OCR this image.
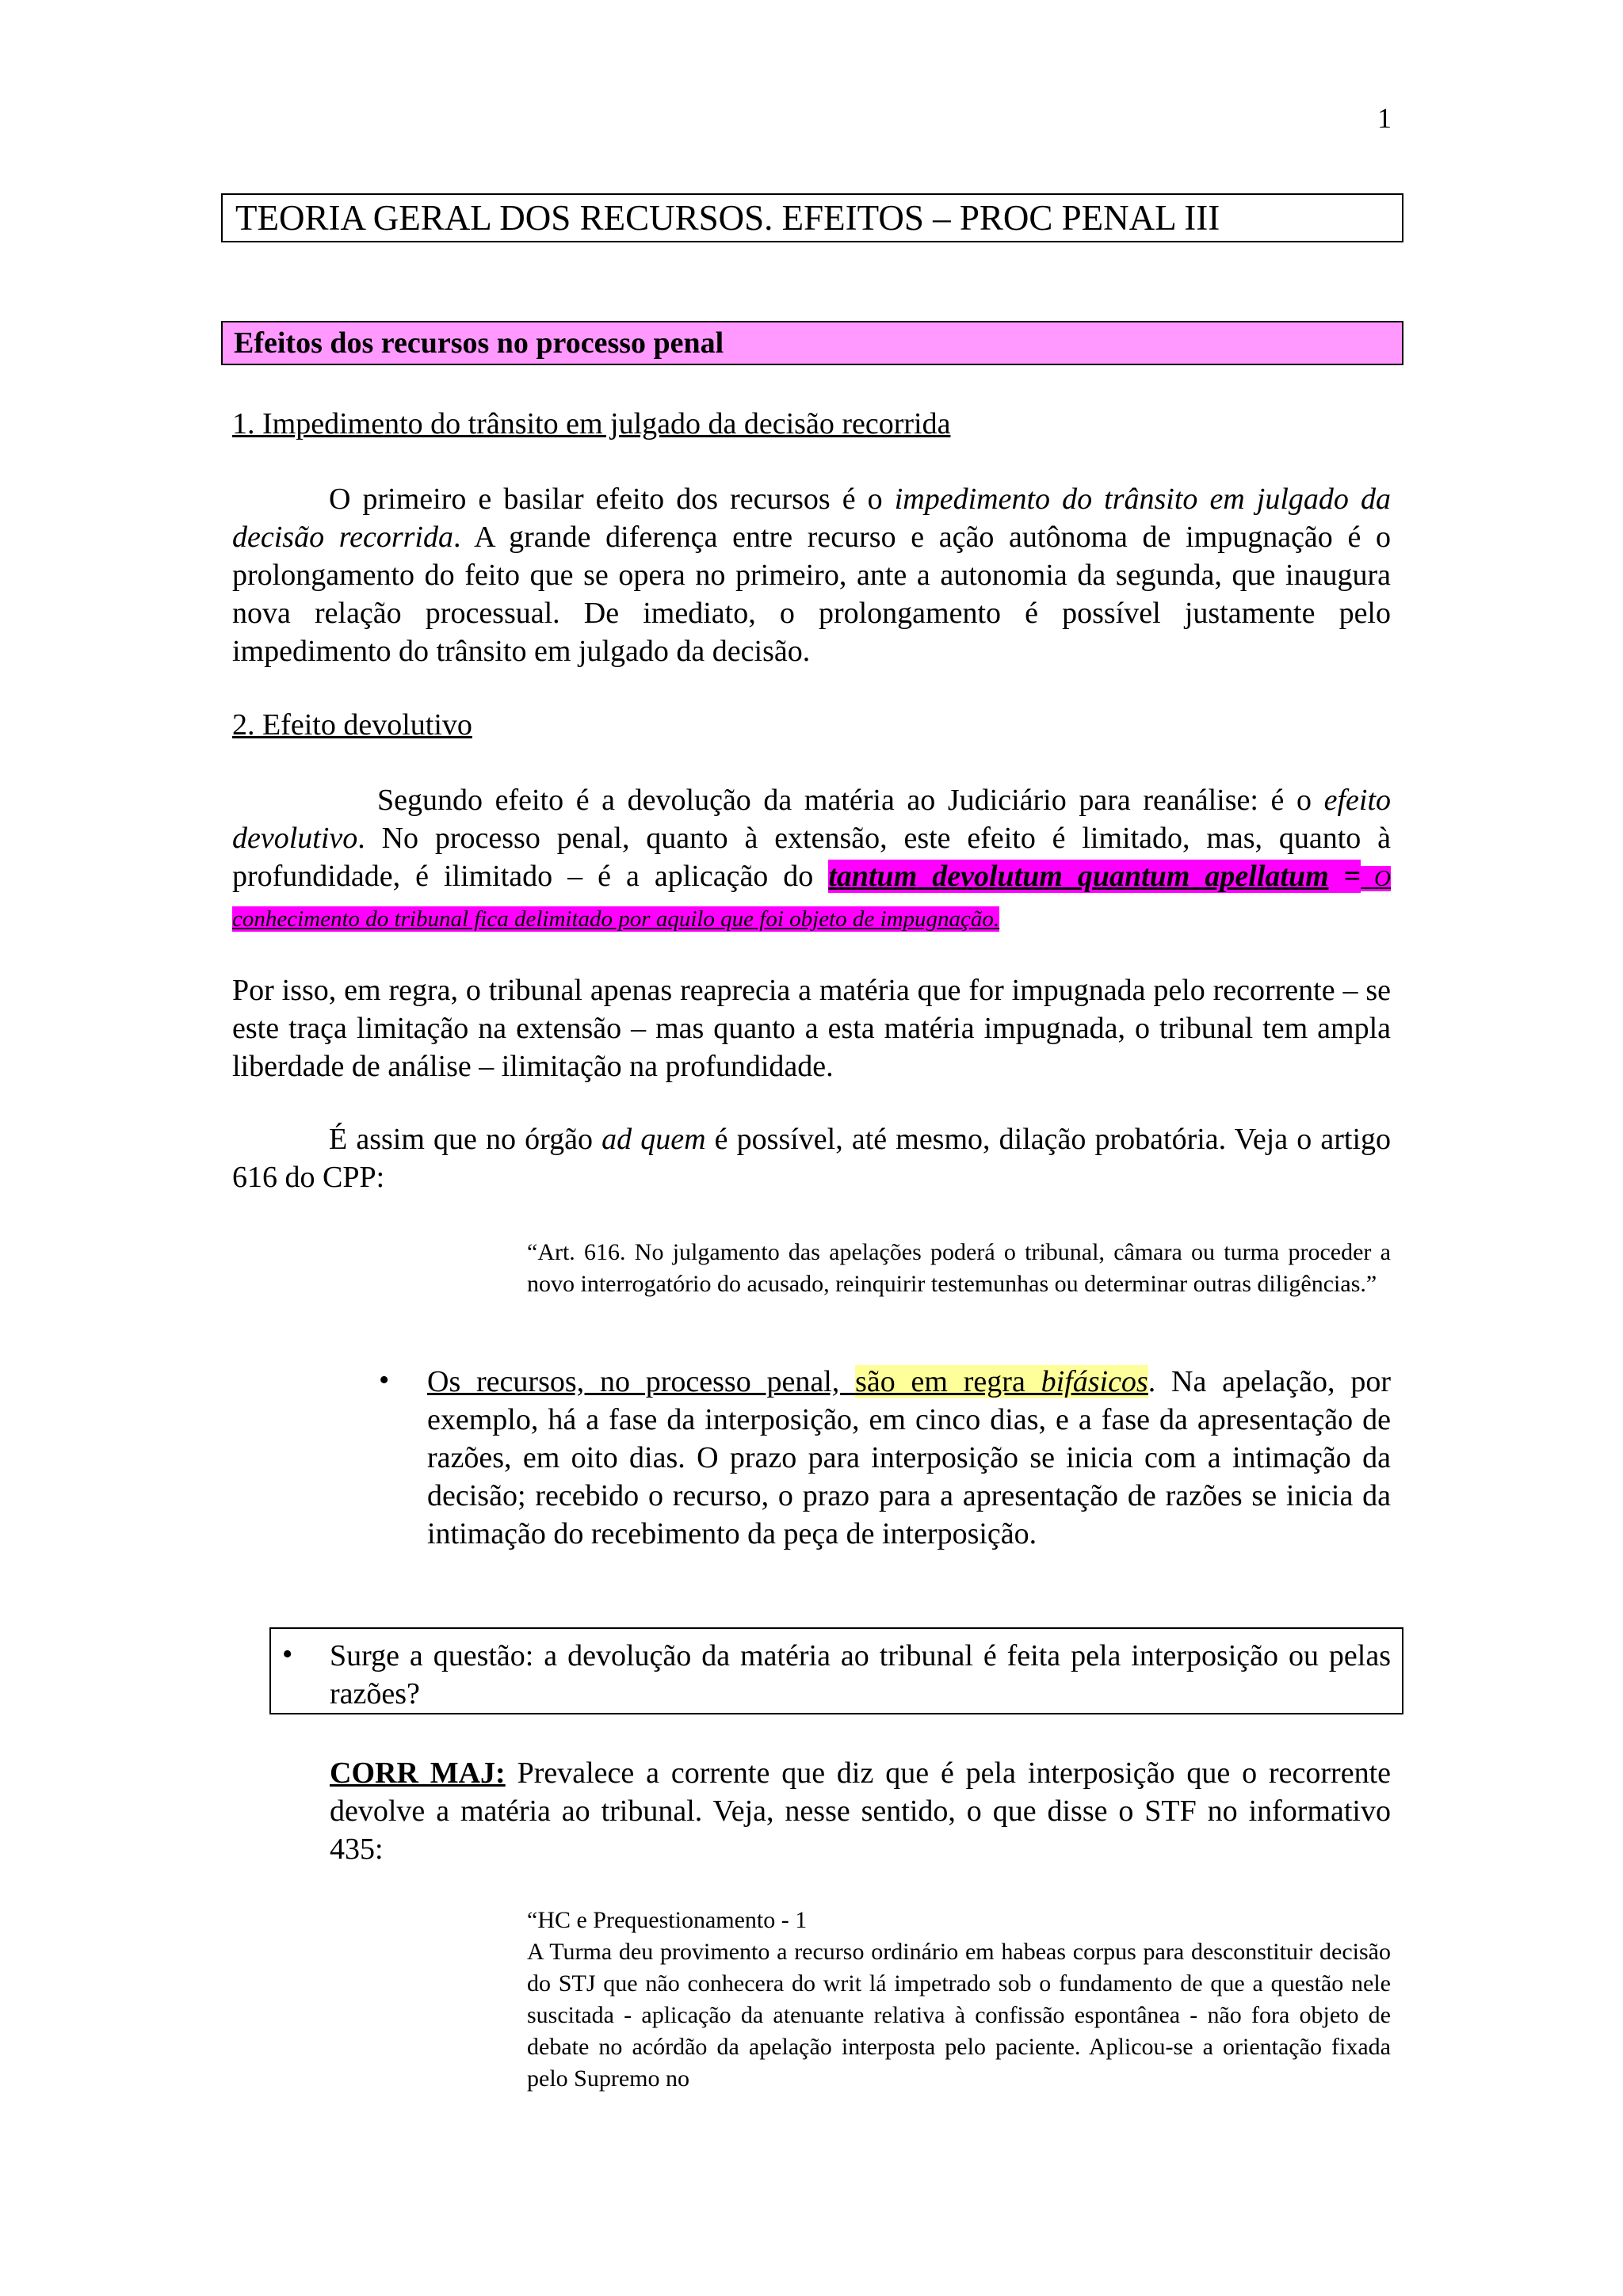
1
TEORIA GERAL DOS RECURSOS. EFEITOS – PROC PENAL III
Efeitos dos recursos no processo penal
1. Impedimento do trânsito em julgado da decisão recorrida
O primeiro e basilar efeito dos recursos é o impedimento do trânsito em julgado da decisão recorrida. A grande diferença entre recurso e ação autônoma de impugnação é o prolongamento do feito que se opera no primeiro, ante a autonomia da segunda, que inaugura nova relação processual. De imediato, o prolongamento é possível justamente pelo impedimento do trânsito em julgado da decisão.
2. Efeito devolutivo
Segundo efeito é a devolução da matéria ao Judiciário para reanálise: é o efeito devolutivo. No processo penal, quanto à extensão, este efeito é limitado, mas, quanto à profundidade, é ilimitado – é a aplicação do tantum devolutum quantum apellatum = O conhecimento do tribunal fica delimitado por aquilo que foi objeto de impugnação.
Por isso, em regra, o tribunal apenas reaprecia a matéria que for impugnada pelo recorrente – se este traça limitação na extensão – mas quanto a esta matéria impugnada, o tribunal tem ampla liberdade de análise – ilimitação na profundidade.
É assim que no órgão ad quem é possível, até mesmo, dilação probatória. Veja o artigo 616 do CPP:
“Art. 616. No julgamento das apelações poderá o tribunal, câmara ou turma proceder a novo interrogatório do acusado, reinquirir testemunhas ou determinar outras diligências.”
• Os recursos, no processo penal, são em regra bifásicos. Na apelação, por exemplo, há a fase da interposição, em cinco dias, e a fase da apresentação de razões, em oito dias. O prazo para interposição se inicia com a intimação da decisão; recebido o recurso, o prazo para a apresentação de razões se inicia da intimação do recebimento da peça de interposição.
• Surge a questão: a devolução da matéria ao tribunal é feita pela interposição ou pelas razões?
CORR MAJ: Prevalece a corrente que diz que é pela interposição que o recorrente devolve a matéria ao tribunal. Veja, nesse sentido, o que disse o STF no informativo 435:
“HC e Prequestionamento - 1
A Turma deu provimento a recurso ordinário em habeas corpus para desconstituir decisão do STJ que não conhecera do writ lá impetrado sob o fundamento de que a questão nele suscitada - aplicação da atenuante relativa à confissão espontânea - não fora objeto de debate no acórdão da apelação interposta pelo paciente. Aplicou-se a orientação fixada pelo Supremo no
